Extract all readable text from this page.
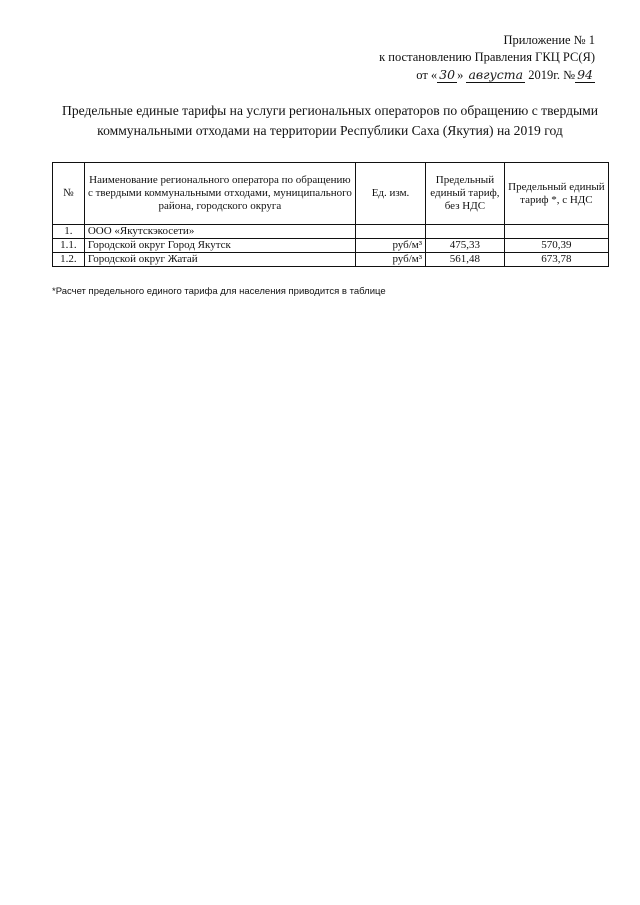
Приложение № 1
к постановлению Правления ГКЦ РС(Я)
от « 30 » августа 2019г. № 94
Предельные единые тарифы на услуги региональных операторов по обращению с твердыми коммунальными отходами на территории Республики Саха (Якутия) на 2019 год
№	Наименование регионального оператора по обращению с твердыми коммунальными отходами, муниципального района, городского округа	Ед. изм.	Предельный единый тариф, без НДС	Предельный единый тариф *, с НДС
1.	ООО «Якутскэкосети»			
1.1.	Городской округ Город Якутск	руб/м³	475,33	570,39
1.2.	Городской округ Жатай	руб/м³	561,48	673,78
*Расчет предельного единого тарифа для населения приводится в таблице
